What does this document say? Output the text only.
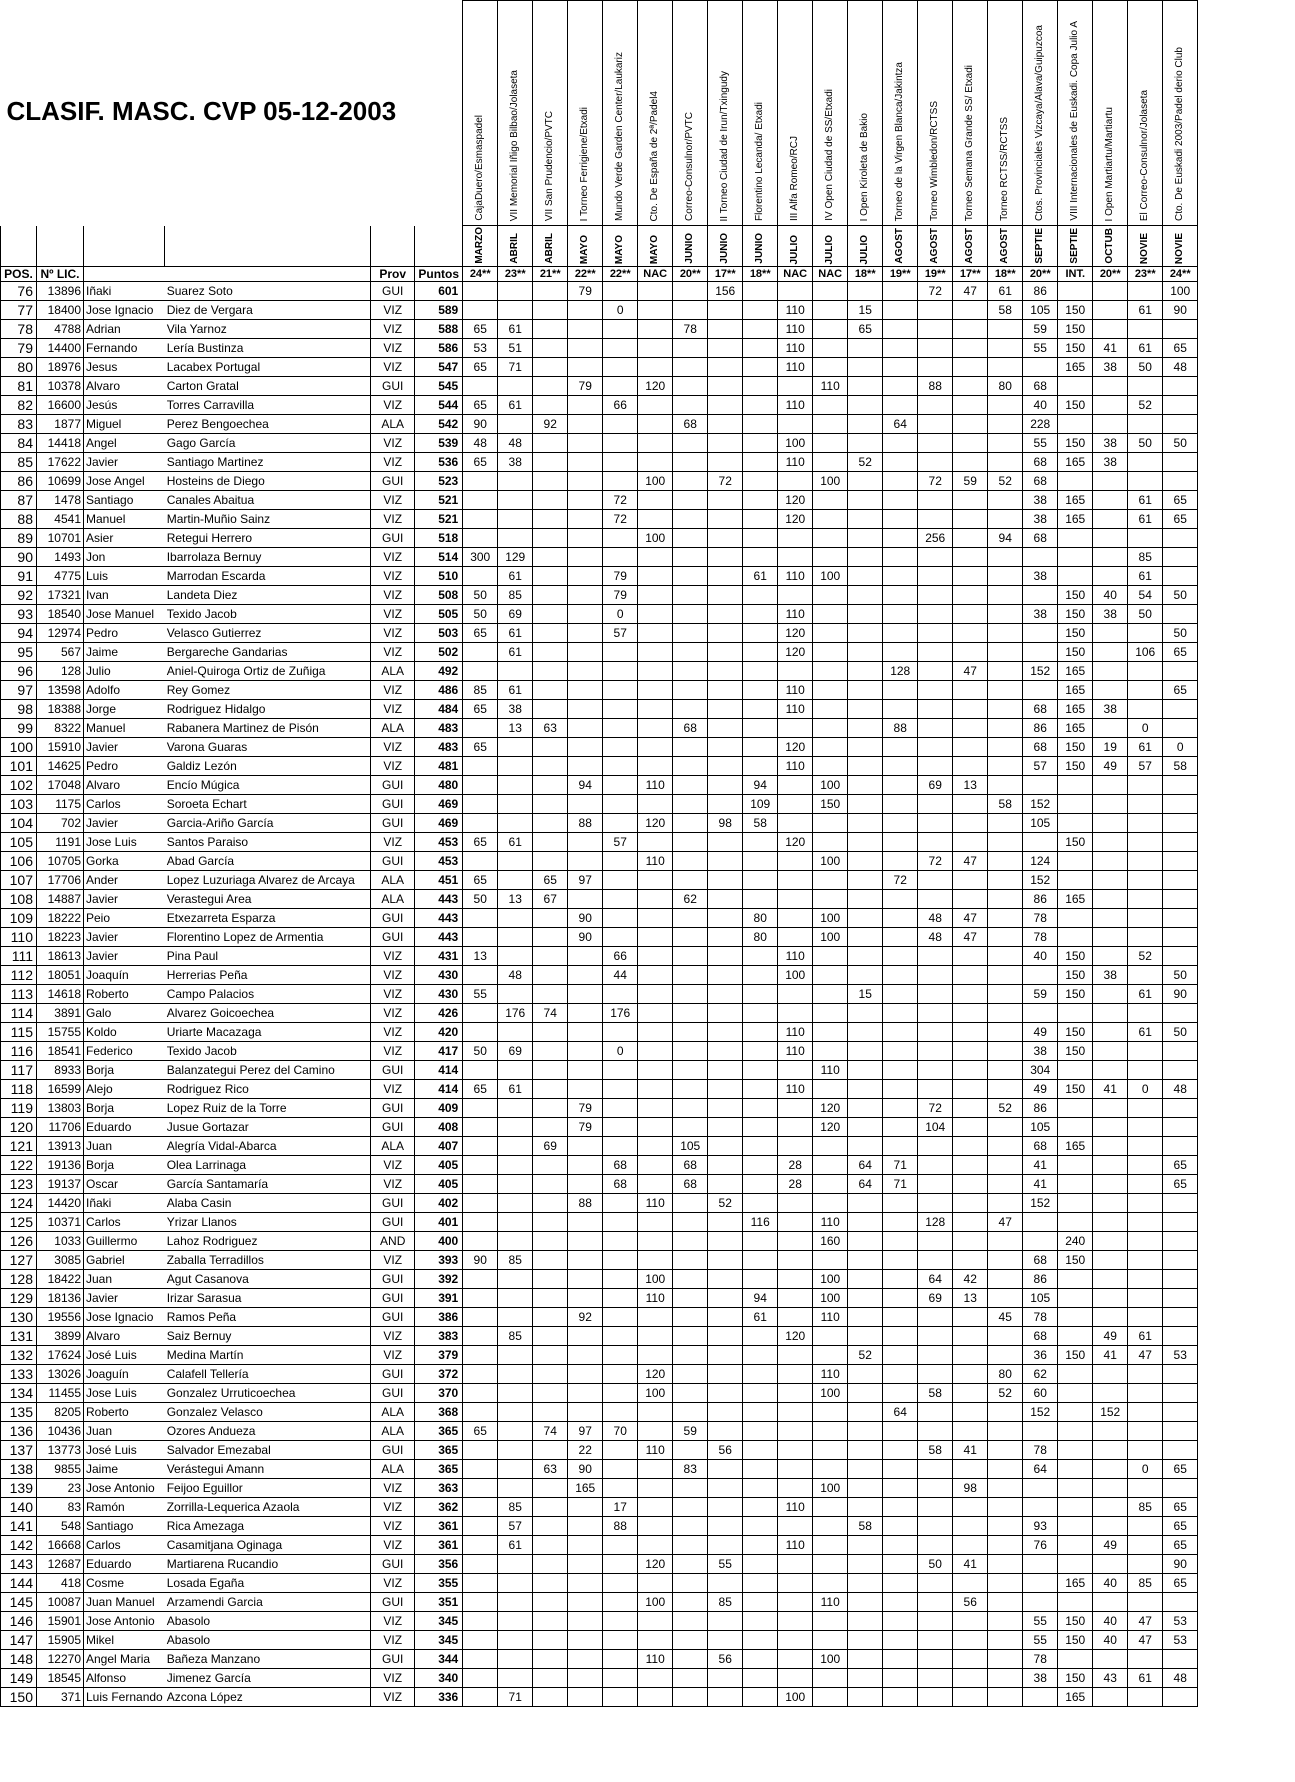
CLASIF. MASC. CVP 05-12-2003						CajaDuero/Esmaspadel	VII Memorial Iñigo Bilbao/Jolaseta	VII San Prudencio/PVTC	I Torneo Ferrigiene/Etxadi	Mundo Verde Garden Center/Laukariz	Cto. De España de 2ª/Padel4	Correo-Consulnor/PVTC	II Torneo Ciudad de Irun/Txingudy	Florentino Lecanda/ Etxadi	III Alfa Romeo/RCJ	IV Open Ciudad de SS/Etxadi	I Open Kiroleta de Bakio	Torneo de la Virgen Blanca/Jakintza	Torneo Wimbledon/RCTSS	Torneo Semana Grande SS/ Etxadi	Torneo RCTSS/RCTSS	Ctos. Provinciales Vizcaya/Alava/Guipuzcoa	VIII Internacionales de Euskadi. Copa Julio A	I Open Martiartu/Martiartu	El Correo-Consulnor/Jolaseta	Cto. De Euskadi 2003/Padel derio Club

						MARZO	ABRIL	ABRIL	MAYO	MAYO	MAYO	JUNIO	JUNIO	JUNIO	JULIO	JULIO	JULIO	AGOST	AGOST	AGOST	AGOST	SEPTIE	SEPTIE	OCTUB	NOVIE	NOVIE

POS.	Nº LIC.			Prov	Puntos	24**	23**	21**	22**	22**	NAC	20**	17**	18**	NAC	NAC	18**	19**	19**	17**	18**	20**	INT.	20**	23**	24**
76	13896	Iñaki	Suarez Soto	GUI	601				79				156						72	47	61	86				100
77	18400	Jose Ignacio	Diez de Vergara	VIZ	589					0					110		15				58	105	150		61	90
78	4788	Adrian	Vila Yarnoz	VIZ	588	65	61					78			110		65					59	150			
79	14400	Fernando	Lería Bustinza	VIZ	586	53	51								110							55	150	41	61	65
80	18976	Jesus	Lacabex Portugal	VIZ	547	65	71								110								165	38	50	48
81	10378	Alvaro	Carton Gratal	GUI	545				79		120					110			88		80	68				
82	16600	Jesús	Torres Carravilla	VIZ	544	65	61			66					110							40	150		52	
83	1877	Miguel	Perez Bengoechea	ALA	542	90		92				68						64				228				
84	14418	Angel	Gago García	VIZ	539	48	48								100							55	150	38	50	50
85	17622	Javier	Santiago Martinez	VIZ	536	65	38								110		52					68	165	38		
86	10699	Jose Angel	Hosteins de Diego	GUI	523						100		72			100			72	59	52	68				
87	1478	Santiago	Canales Abaitua	VIZ	521					72					120							38	165		61	65
88	4541	Manuel	Martin-Muñio Sainz	VIZ	521					72					120							38	165		61	65
89	10701	Asier	Retegui Herrero	GUI	518						100								256		94	68				
90	1493	Jon	Ibarrolaza Bernuy	VIZ	514	300	129																		85	
91	4775	Luis	Marrodan Escarda	VIZ	510		61			79				61	110	100						38			61	
92	17321	Ivan	Landeta Diez	VIZ	508	50	85			79													150	40	54	50
93	18540	Jose Manuel	Texido Jacob	VIZ	505	50	69			0					110							38	150	38	50	
94	12974	Pedro	Velasco Gutierrez	VIZ	503	65	61			57					120								150			50
95	567	Jaime	Bergareche Gandarias	VIZ	502		61								120								150		106	65
96	128	Julio	Aniel-Quiroga Ortiz de Zuñiga	ALA	492													128		47		152	165			
97	13598	Adolfo	Rey Gomez	VIZ	486	85	61								110								165			65
98	18388	Jorge	Rodriguez Hidalgo	VIZ	484	65	38								110							68	165	38		
99	8322	Manuel	Rabanera Martinez de Pisón	ALA	483		13	63				68						88				86	165		0	
100	15910	Javier	Varona Guaras	VIZ	483	65									120							68	150	19	61	0
101	14625	Pedro	Galdiz Lezón	VIZ	481										110							57	150	49	57	58
102	17048	Alvaro	Encío Múgica	GUI	480				94		110			94		100			69	13						
103	1175	Carlos	Soroeta Echart	GUI	469									109		150					58	152				
104	702	Javier	Garcia-Ariño García	GUI	469				88		120		98	58								105				
105	1191	Jose Luis	Santos Paraiso	VIZ	453	65	61			57					120								150			
106	10705	Gorka	Abad García	GUI	453						110					100			72	47		124				
107	17706	Ander	Lopez Luzuriaga Alvarez de Arcaya	ALA	451	65		65	97									72				152				
108	14887	Javier	Verastegui Area	ALA	443	50	13	67				62										86	165			
109	18222	Peio	Etxezarreta Esparza	GUI	443				90					80		100			48	47		78				
110	18223	Javier	Florentino Lopez de Armentia	GUI	443				90					80		100			48	47		78				
111	18613	Javier	Pina Paul	VIZ	431	13				66					110							40	150		52	
112	18051	Joaquín	Herrerias Peña	VIZ	430		48			44					100								150	38		50
113	14618	Roberto	Campo Palacios	VIZ	430	55											15					59	150		61	90
114	3891	Galo	Alvarez Goicoechea	VIZ	426		176	74		176																
115	15755	Koldo	Uriarte Macazaga	VIZ	420										110							49	150		61	50
116	18541	Federico	Texido Jacob	VIZ	417	50	69			0					110							38	150			
117	8933	Borja	Balanzategui Perez del Camino	GUI	414											110						304				
118	16599	Alejo	Rodriguez Rico	VIZ	414	65	61								110							49	150	41	0	48
119	13803	Borja	Lopez Ruiz de la Torre	GUI	409				79							120			72		52	86				
120	11706	Eduardo	Jusue Gortazar	GUI	408				79							120			104			105				
121	13913	Juan	Alegría Vidal-Abarca	ALA	407			69				105										68	165			
122	19136	Borja	Olea Larrinaga	VIZ	405					68		68			28		64	71				41				65
123	19137	Oscar	García Santamaría	VIZ	405					68		68			28		64	71				41				65
124	14420	Iñaki	Alaba Casin	GUI	402				88		110		52									152				
125	10371	Carlos	Yrizar Llanos	GUI	401									116		110			128		47					
126	1033	Guillermo	Lahoz Rodriguez	AND	400											160							240			
127	3085	Gabriel	Zaballa Terradillos	VIZ	393	90	85															68	150			
128	18422	Juan	Agut Casanova	GUI	392						100					100			64	42		86				
129	18136	Javier	Irizar Sarasua	GUI	391						110			94		100			69	13		105				
130	19556	Jose Ignacio	Ramos Peña	GUI	386				92					61		110					45	78				
131	3899	Alvaro	Saiz Bernuy	VIZ	383		85								120							68		49	61	
132	17624	José Luis	Medina Martín	VIZ	379												52					36	150	41	47	53
133	13026	Joaguín	Calafell Tellería	GUI	372						120					110					80	62				
134	11455	Jose Luis	Gonzalez Urruticoechea	GUI	370						100					100			58		52	60				
135	8205	Roberto	Gonzalez Velasco	ALA	368													64				152		152		
136	10436	Juan	Ozores Andueza	ALA	365	65		74	97	70		59														
137	13773	José Luis	Salvador Emezabal	GUI	365				22		110		56						58	41		78				
138	9855	Jaime	Verástegui Amann	ALA	365			63	90			83										64			0	65
139	23	Jose Antonio	Feijoo Eguillor	VIZ	363				165							100				98						
140	83	Ramón	Zorrilla-Lequerica Azaola	VIZ	362		85			17					110										85	65
141	548	Santiago	Rica Amezaga	VIZ	361		57			88							58					93				65
142	16668	Carlos	Casamitjana Oginaga	VIZ	361		61								110							76		49		65
143	12687	Eduardo	Martiarena Rucandio	GUI	356						120		55						50	41						90
144	418	Cosme	Losada Egaña	VIZ	355																		165	40	85	65
145	10087	Juan Manuel	Arzamendi Garcia	GUI	351						100		85			110				56						
146	15901	Jose Antonio	Abasolo	VIZ	345																	55	150	40	47	53
147	15905	Mikel	Abasolo	VIZ	345																	55	150	40	47	53
148	12270	Angel Maria	Bañeza Manzano	GUI	344						110		56			100						78				
149	18545	Alfonso	Jimenez García	VIZ	340																	38	150	43	61	48
150	371	Luis Fernando	Azcona López	VIZ	336		71								100								165			
